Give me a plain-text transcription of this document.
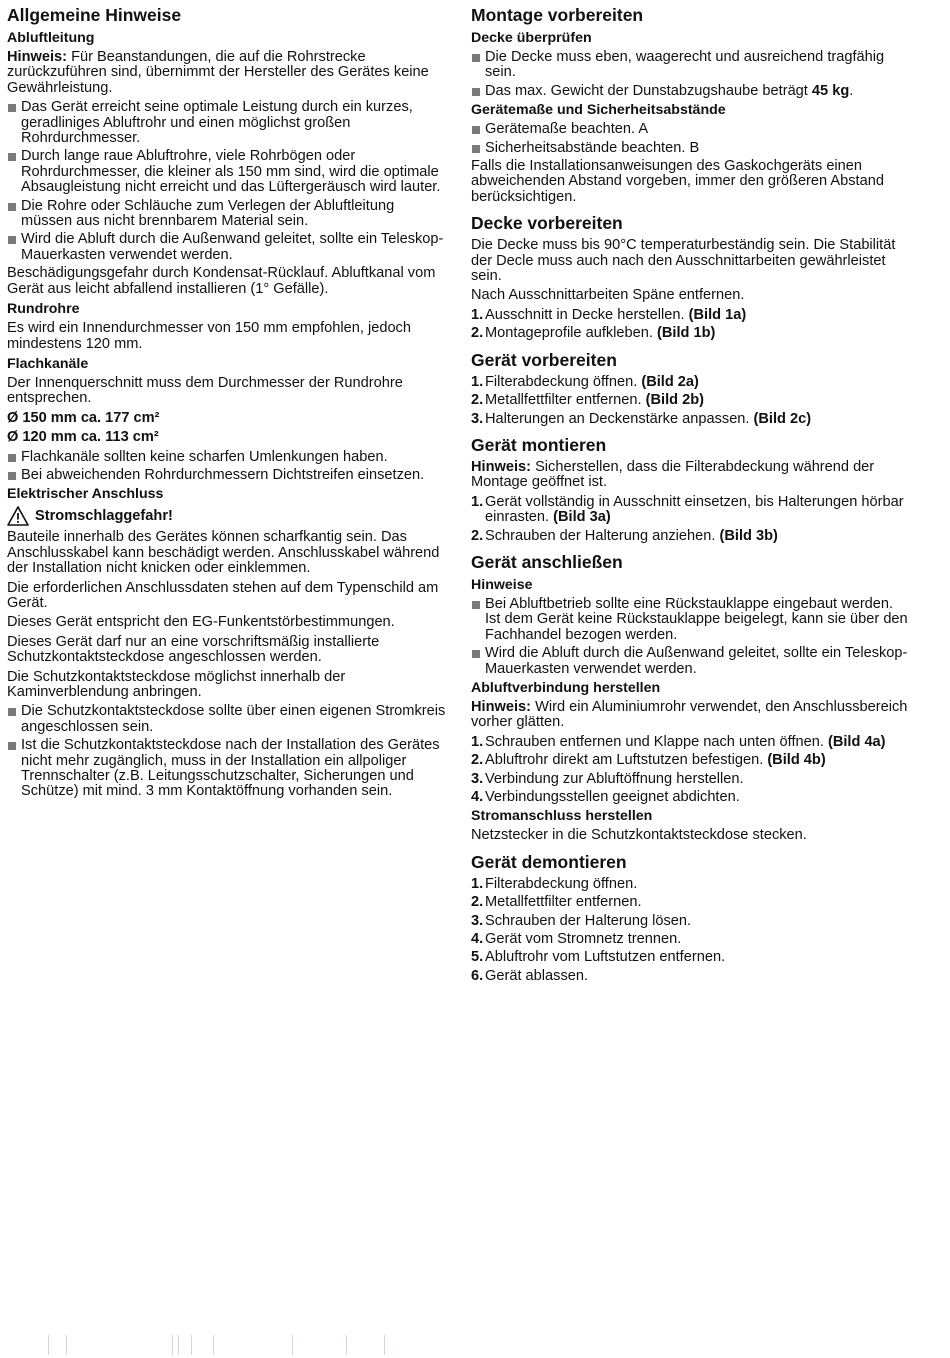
Allgemeine Hinweise
Abluftleitung

Hinweis: Für Beanstandungen, die auf die Rohrstrecke zurückzuführen sind, übernimmt der Hersteller des Gerätes keine Gewährleistung.

Das Gerät erreicht seine optimale Leistung durch ein kurzes, geradliniges Abluftrohr und einen möglichst großen Rohrdurchmesser.
Durch lange raue Abluftrohre, viele Rohrbögen oder Rohrdurchmesser, die kleiner als 150 mm sind, wird die optimale Absaugleistung nicht erreicht und das Lüftergeräusch wird lauter.
Die Rohre oder Schläuche zum Verlegen der Abluftleitung müssen aus nicht brennbarem Material sein.
Wird die Abluft durch die Außenwand geleitet, sollte ein Teleskop-Mauerkasten verwendet werden.

Beschädigungsgefahr durch Kondensat-Rücklauf. Abluftkanal vom Gerät aus leicht abfallend installieren (1° Gefälle).

Rundrohre

Es wird ein Innendurchmesser von 150 mm empfohlen, jedoch mindestens 120 mm.

Flachkanäle

Der Innenquerschnitt muss dem Durchmesser der Rundrohre entsprechen.

Ø 150 mm ca. 177 cm²
Ø 120 mm ca. 113 cm²
Flachkanäle sollten keine scharfen Umlenkungen haben.
Bei abweichenden Rohrdurchmessern Dichtstreifen einsetzen.
Elektrischer Anschluss
Stromschlaggefahr!

Bauteile innerhalb des Gerätes können scharfkantig sein. Das Anschlusskabel kann beschädigt werden. Anschlusskabel während der Installation nicht knicken oder einklemmen.

Die erforderlichen Anschlussdaten stehen auf dem Typenschild am Gerät.

Dieses Gerät entspricht den EG-Funkentstörbestimmungen.

Dieses Gerät darf nur an eine vorschriftsmäßig installierte Schutzkontaktsteckdose angeschlossen werden.

Die Schutzkontaktsteckdose möglichst innerhalb der Kaminverblendung anbringen.

Die Schutzkontaktsteckdose sollte über einen eigenen Stromkreis angeschlossen sein.
Ist die Schutzkontaktsteckdose nach der Installation des Gerätes nicht mehr zugänglich, muss in der Installation ein allpoliger Trennschalter (z.B. Leitungsschutzschalter, Sicherungen und Schütze) mit mind. 3 mm Kontaktöffnung vorhanden sein.
Montage vorbereiten
Decke überprüfen
Die Decke muss eben, waagerecht und ausreichend tragfähig sein.
Das max. Gewicht der Dunstabzugshaube beträgt 45 kg.
Gerätemaße und Sicherheitsabstände
Gerätemaße beachten. A
Sicherheitsabstände beachten. B

Falls die Installationsanweisungen des Gaskochgeräts einen abweichenden Abstand vorgeben, immer den größeren Abstand berücksichtigen.

Decke vorbereiten

Die Decke muss bis 90°C temperaturbeständig sein. Die Stabilität der Decle muss auch nach den Ausschnittarbeiten gewährleistet sein.

Nach Ausschnittarbeiten Späne entfernen.

1. Ausschnitt in Decke herstellen. (Bild 1a)
2. Montageprofile aufkleben. (Bild 1b)
Gerät vorbereiten
1. Filterabdeckung öffnen. (Bild 2a)
2. Metallfettfilter entfernen. (Bild 2b)
3. Halterungen an Deckenstärke anpassen. (Bild 2c)
Gerät montieren

Hinweis: Sicherstellen, dass die Filterabdeckung während der Montage geöffnet ist.

1. Gerät vollständig in Ausschnitt einsetzen, bis Halterungen hörbar einrasten. (Bild 3a)
2. Schrauben der Halterung anziehen. (Bild 3b)
Gerät anschließen
Hinweise
Bei Abluftbetrieb sollte eine Rückstauklappe eingebaut werden. Ist dem Gerät keine Rückstauklappe beigelegt, kann sie über den Fachhandel bezogen werden.
Wird die Abluft durch die Außenwand geleitet, sollte ein Teleskop-Mauerkasten verwendet werden.
Abluftverbindung herstellen

Hinweis: Wird ein Aluminiumrohr verwendet, den Anschlussbereich vorher glätten.

1. Schrauben entfernen und Klappe nach unten öffnen. (Bild 4a)
2. Abluftrohr direkt am Luftstutzen befestigen. (Bild 4b)
3. Verbindung zur Abluftöffnung herstellen.
4. Verbindungsstellen geeignet abdichten.
Stromanschluss herstellen

Netzstecker in die Schutzkontaktsteckdose stecken.

Gerät demontieren
1. Filterabdeckung öffnen.
2. Metallfettfilter entfernen.
3. Schrauben der Halterung lösen.
4. Gerät vom Stromnetz trennen.
5. Abluftrohr vom Luftstutzen entfernen.
6. Gerät ablassen.
